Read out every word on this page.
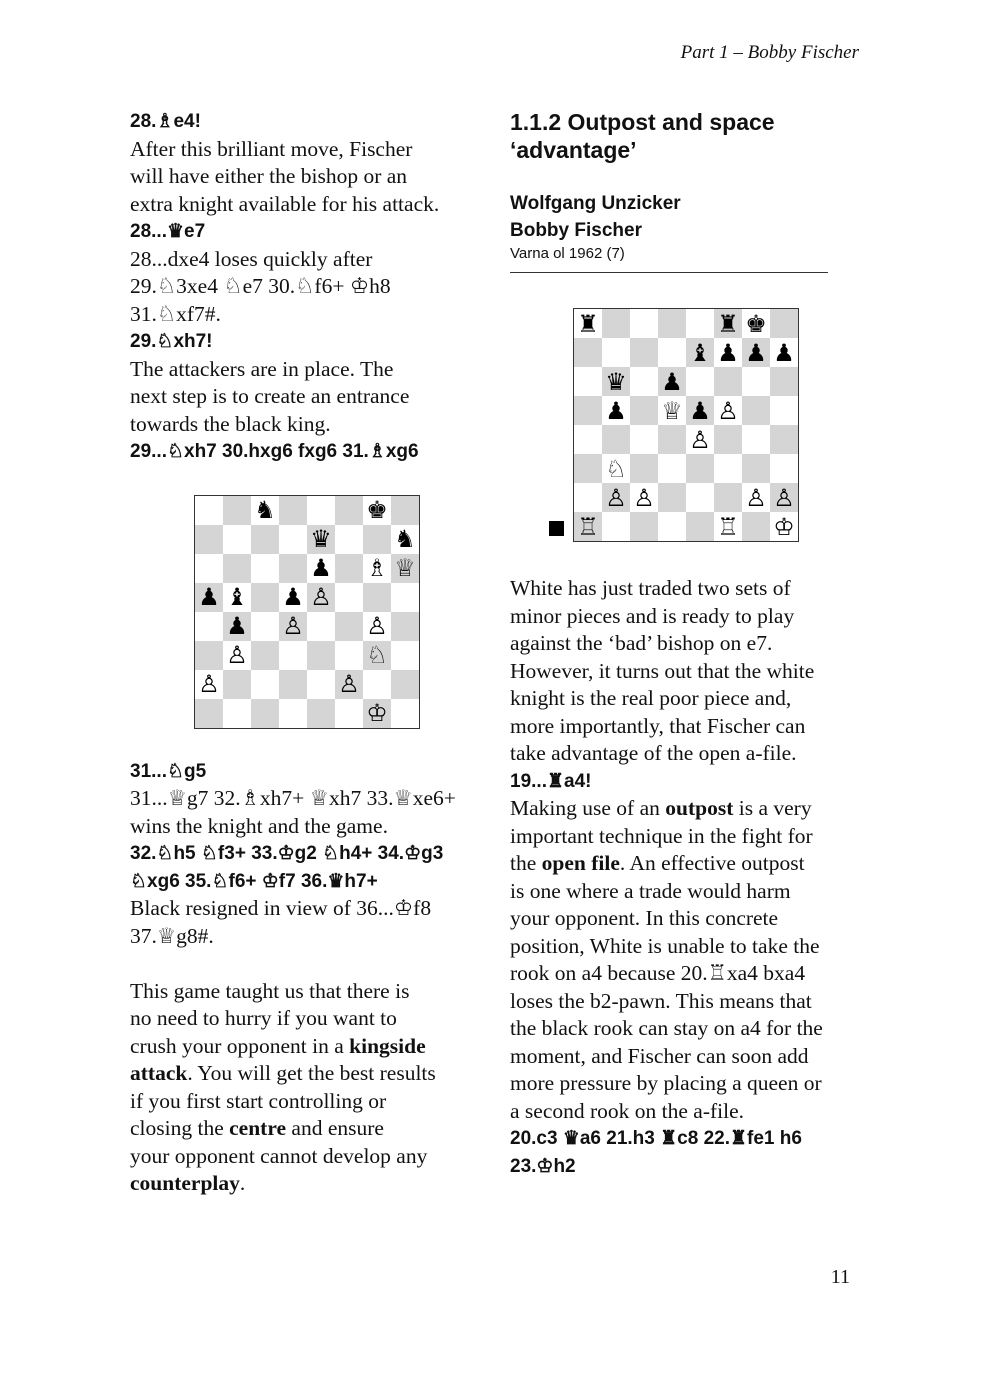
Part 1 – Bobby Fischer

28.♗e4!

After this brilliant move, Fischer

will have either the bishop or an

extra knight available for his attack.

28...♛e7

28...dxe4 loses quickly after

29.♘3xe4 ♘e7 30.♘f6+ ♔h8

31.♘xf7#.

29.♘xh7!

The attackers are in place. The

next step is to create an entrance

towards the black king.

29...♘xh7 30.hxg6 fxg6 31.♗xg6

♞	♚
♛	♞
♟ ♗ ♕
♟ ♝ ♟ ♙
♟ ♙	♙
♙	♘
♙	♙
♔

31...♘g5

31...♕g7 32.♗xh7+ ♕xh7 33.♕xe6+

wins the knight and the game.

32.♘h5 ♘f3+ 33.♔g2 ♘h4+ 34.♔g3

♘xg6 35.♘f6+ ♔f7 36.♛h7+

Black resigned in view of 36...♔f8

37.♕g8#.

This game taught us that there is

no need to hurry if you want to

crush your opponent in a kingside

attack. You will get the best results

if you first start controlling or

closing the centre and ensure

your opponent cannot develop any

counterplay.

1.1.2 Outpost and space

‘advantage’

Wolfgang Unzicker

Bobby Fischer

Varna ol 1962 (7)

♜	♜ ♚
♝ ♟ ♟ ♟
♛ ♟
♟ ♕ ♟ ♙
♙
♘
♙ ♙	♙ ♙
♖	♖ ♔

White has just traded two sets of

minor pieces and is ready to play

against the ‘bad’ bishop on e7.

However, it turns out that the white

knight is the real poor piece and,

more importantly, that Fischer can

take advantage of the open a-file.

19...♜a4!

Making use of an outpost is a very

important technique in the fight for

the open file. An effective outpost

is one where a trade would harm

your opponent. In this concrete

position, White is unable to take the

rook on a4 because 20.♖xa4 bxa4

loses the b2-pawn. This means that

the black rook can stay on a4 for the

moment, and Fischer can soon add

more pressure by placing a queen or

a second rook on the a-file.

20.c3 ♛a6 21.h3 ♜c8 22.♜fe1 h6

23.♔h2

11
